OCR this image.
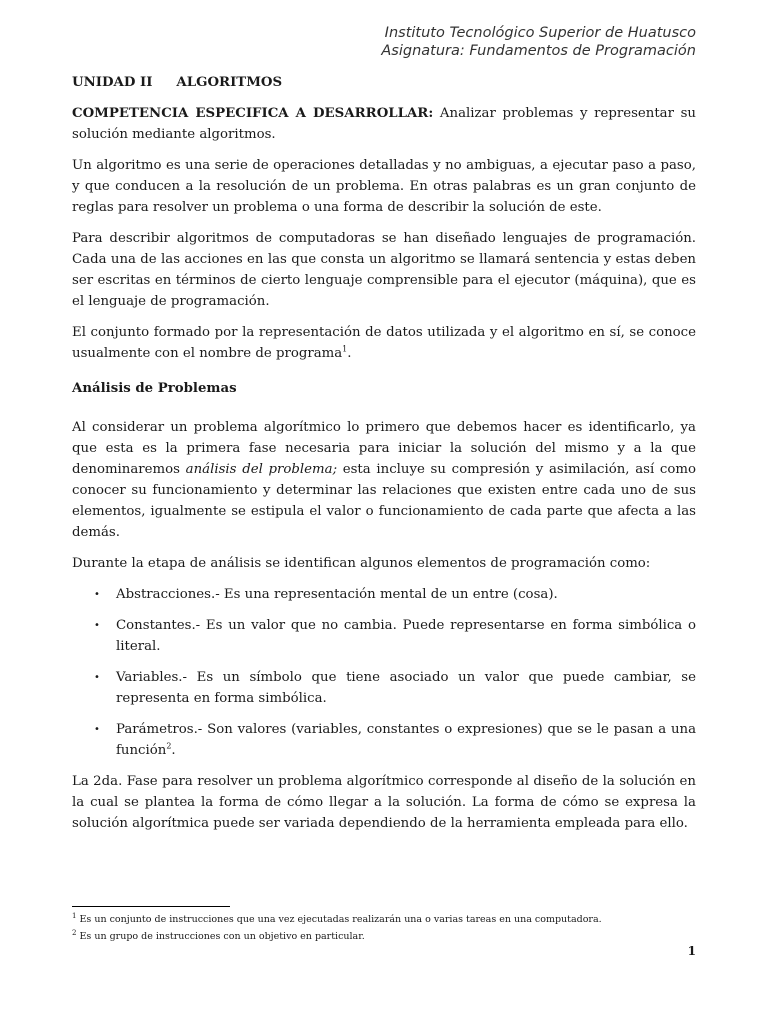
Instituto Tecnológico Superior de Huatusco
Asignatura: Fundamentos de Programación

UNIDAD II ALGORITMOS

COMPETENCIA ESPECIFICA A DESARROLLAR: Analizar problemas y representar su solución mediante algoritmos.

Un algoritmo es una serie de operaciones detalladas y no ambiguas, a ejecutar paso a paso, y que conducen a la resolución de un problema. En otras palabras es un gran conjunto de reglas para resolver un problema o una forma de describir la solución de este.

Para describir algoritmos de computadoras se han diseñado lenguajes de programación. Cada una de las acciones en las que consta un algoritmo se llamará sentencia y estas deben ser escritas en términos de cierto lenguaje comprensible para el ejecutor (máquina), que es el lenguaje de programación.

El conjunto formado por la representación de datos utilizada y el algoritmo en sí, se conoce usualmente con el nombre de programa$^1$.

Análisis de Problemas

Al considerar un problema algorítmico lo primero que debemos hacer es identificarlo, ya que esta es la primera fase necesaria para iniciar la solución del mismo y a la que denominaremos análisis del problema; esta incluye su compresión y asimilación, así como conocer su funcionamiento y determinar las relaciones que existen entre cada uno de sus elementos, igualmente se estipula el valor o funcionamiento de cada parte que afecta a las demás.

Durante la etapa de análisis se identifican algunos elementos de programación como:

• Abstracciones.- Es una representación mental de un entre (cosa).
• Constantes.- Es un valor que no cambia. Puede representarse en forma simbólica o literal.
• Variables.- Es un símbolo que tiene asociado un valor que puede cambiar, se representa en forma simbólica.
• Parámetros.- Son valores (variables, constantes o expresiones) que se le pasan a una función$^2$.

La 2da. Fase para resolver un problema algorítmico corresponde al diseño de la solución en la cual se plantea la forma de cómo llegar a la solución. La forma de cómo se expresa la solución algorítmica puede ser variada dependiendo de la herramienta empleada para ello.

$^1$ Es un conjunto de instrucciones que una vez ejecutadas realizarán una o varias tareas en una computadora.

$^2$ Es un grupo de instrucciones con un objetivo en particular.

1
